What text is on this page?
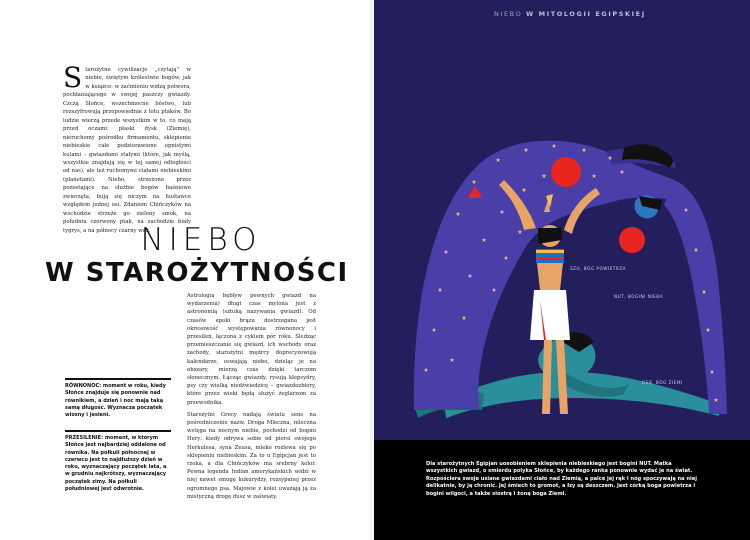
Starożytne cywilizacje „czytają" w niebie, świętym królestwie bogów, jak w książce: w zaćmieniu widzą potwora, pochłaniającego w swojej paszczy gwiazdy. Czczą Słońce, wszechmocne bóstwo, lub rozszyfrowują przepowiednie z lotu ptaków. Bo ludzie wierzą przede wszystkim w to, co mają przed oczami: płaski dysk (Ziemię), nieruchomy pośrodku firmamentu, sklepienie niebieskie całe podziurawione ognistymi kulami – gwiazdami stałymi (które, jak myślą, wszystkie znajdują się w tej samej odległości od nas), ale też ruchomymi ciałami niebieskimi (planetami). Niebo, strzeżone przez pozostające na służbie bogów baśniowe zwierzęta, bują się niczym na huśtawce względem jednej osi. Zdaniem Chińczyków na wschodzie strzeże go zielony smok, na południu czerwony ptak, na zachodzie biały tygrys, a na północy czarny wąż.

NIEBO
W STAROŻYTNOŚCI

Astrologia bębływ pewnych gwiazd na wydarzenia) długi czas mylona jest z astronomią (sztuką nazywania gwiazd). Od czasów epoki brązu dostrzegana jest okresowość występowania równonocy i przesileń, łączona z cyklem pór roku. Śledząc przemieszczanie się gwiazd, ich wschody oraz zachody, starożytni mędrcy doprecyzowują kalendarze, oswajają niebo, dzieląc je na obszary, mierzą czas dzięki tarczom słonecznym. Łącząc gwiazdy, rysują klepsydry, psy czy wielką niedźwiedzicę – gwiazdozbiory, które przez wieki będą służyć żeglarzom za przewodnika.

Starożytni Grecy nadają światu sens na pośredniczenie nazw. Droga Mleczna, mleczna wstęga na nocnym niebie, pochodzi od bogini Hery: kiedy odrywa sobie od piersi swojego Herkulesa, syna Zeusa, mleko rozlewa się po sklepieniu niebieskim. Za to u Egipcjan jest to rzeka, a dla Chińczyków ma srebrny kolor. Pewna legenda Indian amerykańskich widzi w niej nawet smugę kukurydzy, rozsypanej przez ogromnego psa. Majowie z kolei uważają ją za mistyczną drogę dusz w zaświaty.

RÓWNONOC: moment w roku, kiedy Słońce znajduje się ponownie nad równikiem, a dzień i noc mają taką samą długość. Wyznacza początek wiosny i jesieni.
PRZESILENIE: moment, w którym Słońce jest najbardziej oddalone od równika. Na półkuli północnej w czerwcu jest to najdłuższy dzień w roku, wyznaczający początek lata, a w grudniu najkrótszy, wyznaczający początek zimy. Na półkuli południowej jest odwrotnie.
NIEBO W MITOLOGII EGIPSKIEJ
SZU, BÓG POWIETRZA
NUT, BOGINI NIEBA
GEB, BÓG ZIEMI

Dla starożytnych Egipjan uosobieniem sklepienia niebieskiego jest bogini NUT. Matka wszystkich gwiazd, o smierdu polyka Słońce, by każdego ranka ponownie wydać je na świat. Rozpościera swoje usiane gwiazdami ciało nad Ziemią, a palce jej rąk i nóg spoczywają na niej delikatnie, by ją chronić. Jej śmiech to gromot, a łzy są deszczem. Jest córką boga powietrza i bogini wilgoci, a także siostrą i żoną boga Ziemi.
